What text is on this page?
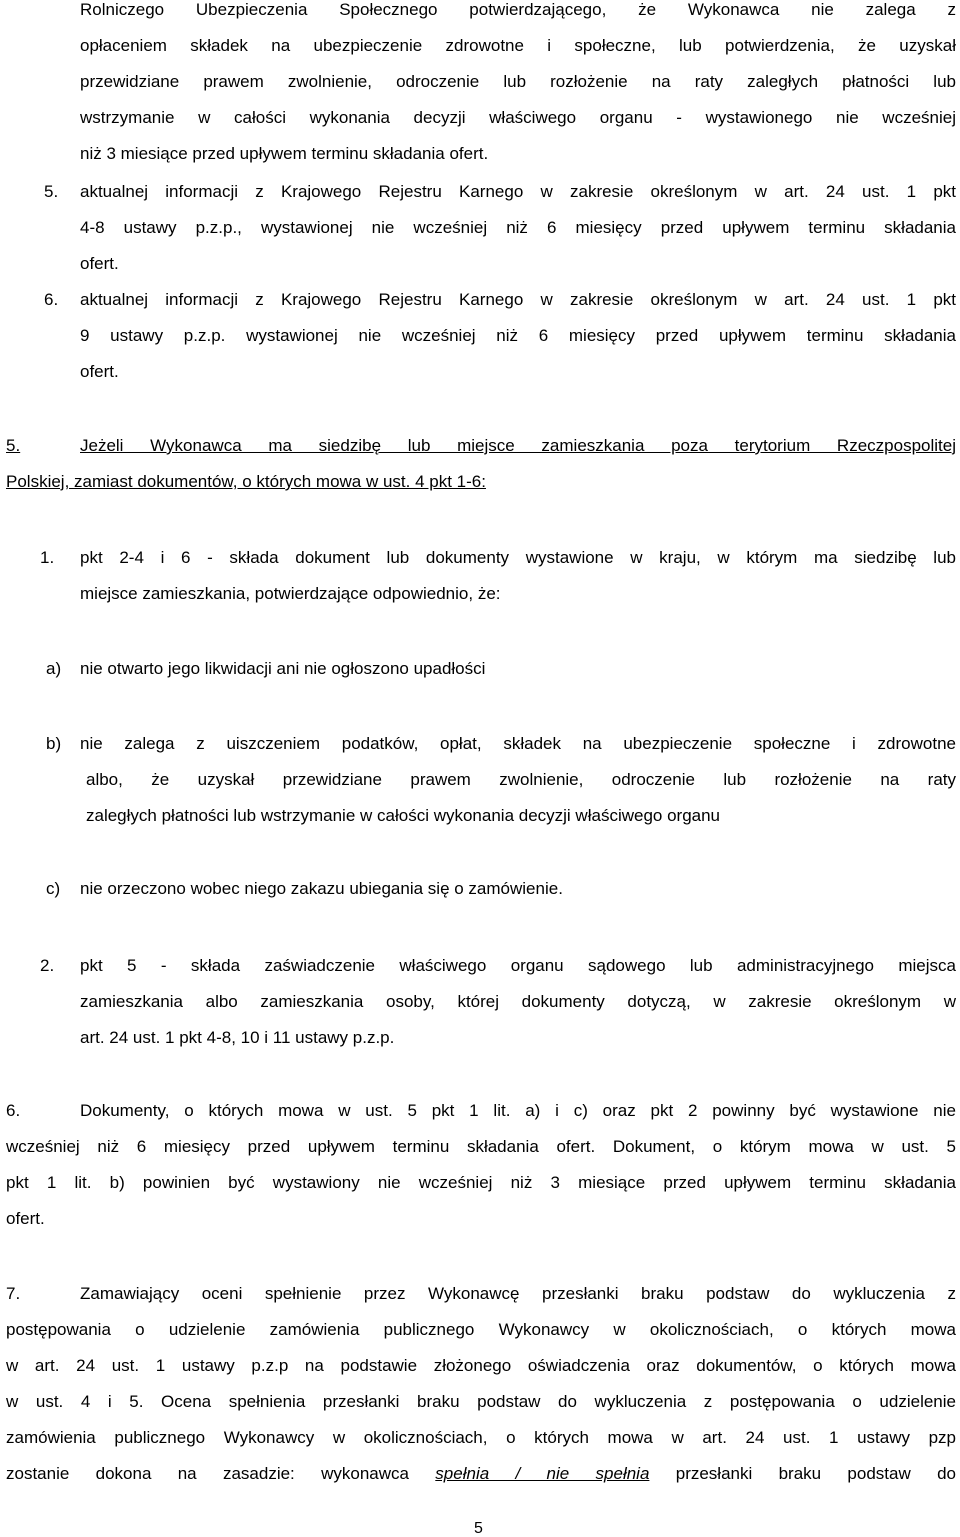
Rolniczego Ubezpieczenia Społecznego potwierdzającego, że Wykonawca nie zalega z
opłaceniem składek na ubezpieczenie zdrowotne i społeczne, lub potwierdzenia, że uzyskał
przewidziane prawem zwolnienie, odroczenie lub rozłożenie na raty zaległych płatności lub
wstrzymanie w całości wykonania decyzji właściwego organu - wystawionego nie wcześniej
niż 3 miesiące przed upływem terminu składania ofert.
5. aktualnej informacji z Krajowego Rejestru Karnego w zakresie określonym w art. 24 ust. 1 pkt
4-8 ustawy p.z.p., wystawionej nie wcześniej niż 6 miesięcy przed upływem terminu składania
ofert.
6. aktualnej informacji z Krajowego Rejestru Karnego w zakresie określonym w art. 24 ust. 1 pkt
9 ustawy p.z.p. wystawionej nie wcześniej niż 6 miesięcy przed upływem terminu składania
ofert.
5.	Jeżeli Wykonawca ma siedzibę lub miejsce zamieszkania poza terytorium Rzeczpospolitej
Polskiej, zamiast dokumentów, o których mowa w ust. 4 pkt 1-6:
1. pkt 2-4 i 6 - składa dokument lub dokumenty wystawione w kraju, w którym ma siedzibę lub
miejsce zamieszkania, potwierdzające odpowiednio, że:
a) nie otwarto jego likwidacji ani nie ogłoszono upadłości
b) nie zalega z uiszczeniem podatków, opłat, składek na ubezpieczenie społeczne i zdrowotne
albo, że uzyskał przewidziane prawem zwolnienie, odroczenie lub rozłożenie na raty
zaległych płatności lub wstrzymanie w całości wykonania decyzji właściwego organu
c) nie orzeczono wobec niego zakazu ubiegania się o zamówienie.
2. pkt 5 - składa zaświadczenie właściwego organu sądowego lub administracyjnego miejsca
zamieszkania albo zamieszkania osoby, której dokumenty dotyczą, w zakresie określonym w
art. 24 ust. 1 pkt 4-8, 10 i 11 ustawy p.z.p.
6.	Dokumenty, o których mowa w ust. 5 pkt 1 lit. a) i c) oraz pkt 2 powinny być wystawione nie
wcześniej niż 6 miesięcy przed upływem terminu składania ofert. Dokument, o którym mowa w ust. 5
pkt 1 lit. b) powinien być wystawiony nie wcześniej niż 3 miesiące przed upływem terminu składania
ofert.
7.	Zamawiający oceni spełnienie przez Wykonawcę przesłanki braku podstaw do wykluczenia z
postępowania o udzielenie zamówienia publicznego Wykonawcy w okolicznościach, o których mowa
w art. 24 ust. 1 ustawy p.z.p na podstawie złożonego oświadczenia oraz dokumentów, o których mowa
w ust. 4 i 5. Ocena spełnienia przesłanki braku podstaw do wykluczenia z postępowania o udzielenie
zamówienia publicznego Wykonawcy w okolicznościach, o których mowa w art. 24 ust. 1 ustawy pzp
zostanie dokona na zasadzie: wykonawca spełnia / nie spełnia przesłanki braku podstaw do
5
